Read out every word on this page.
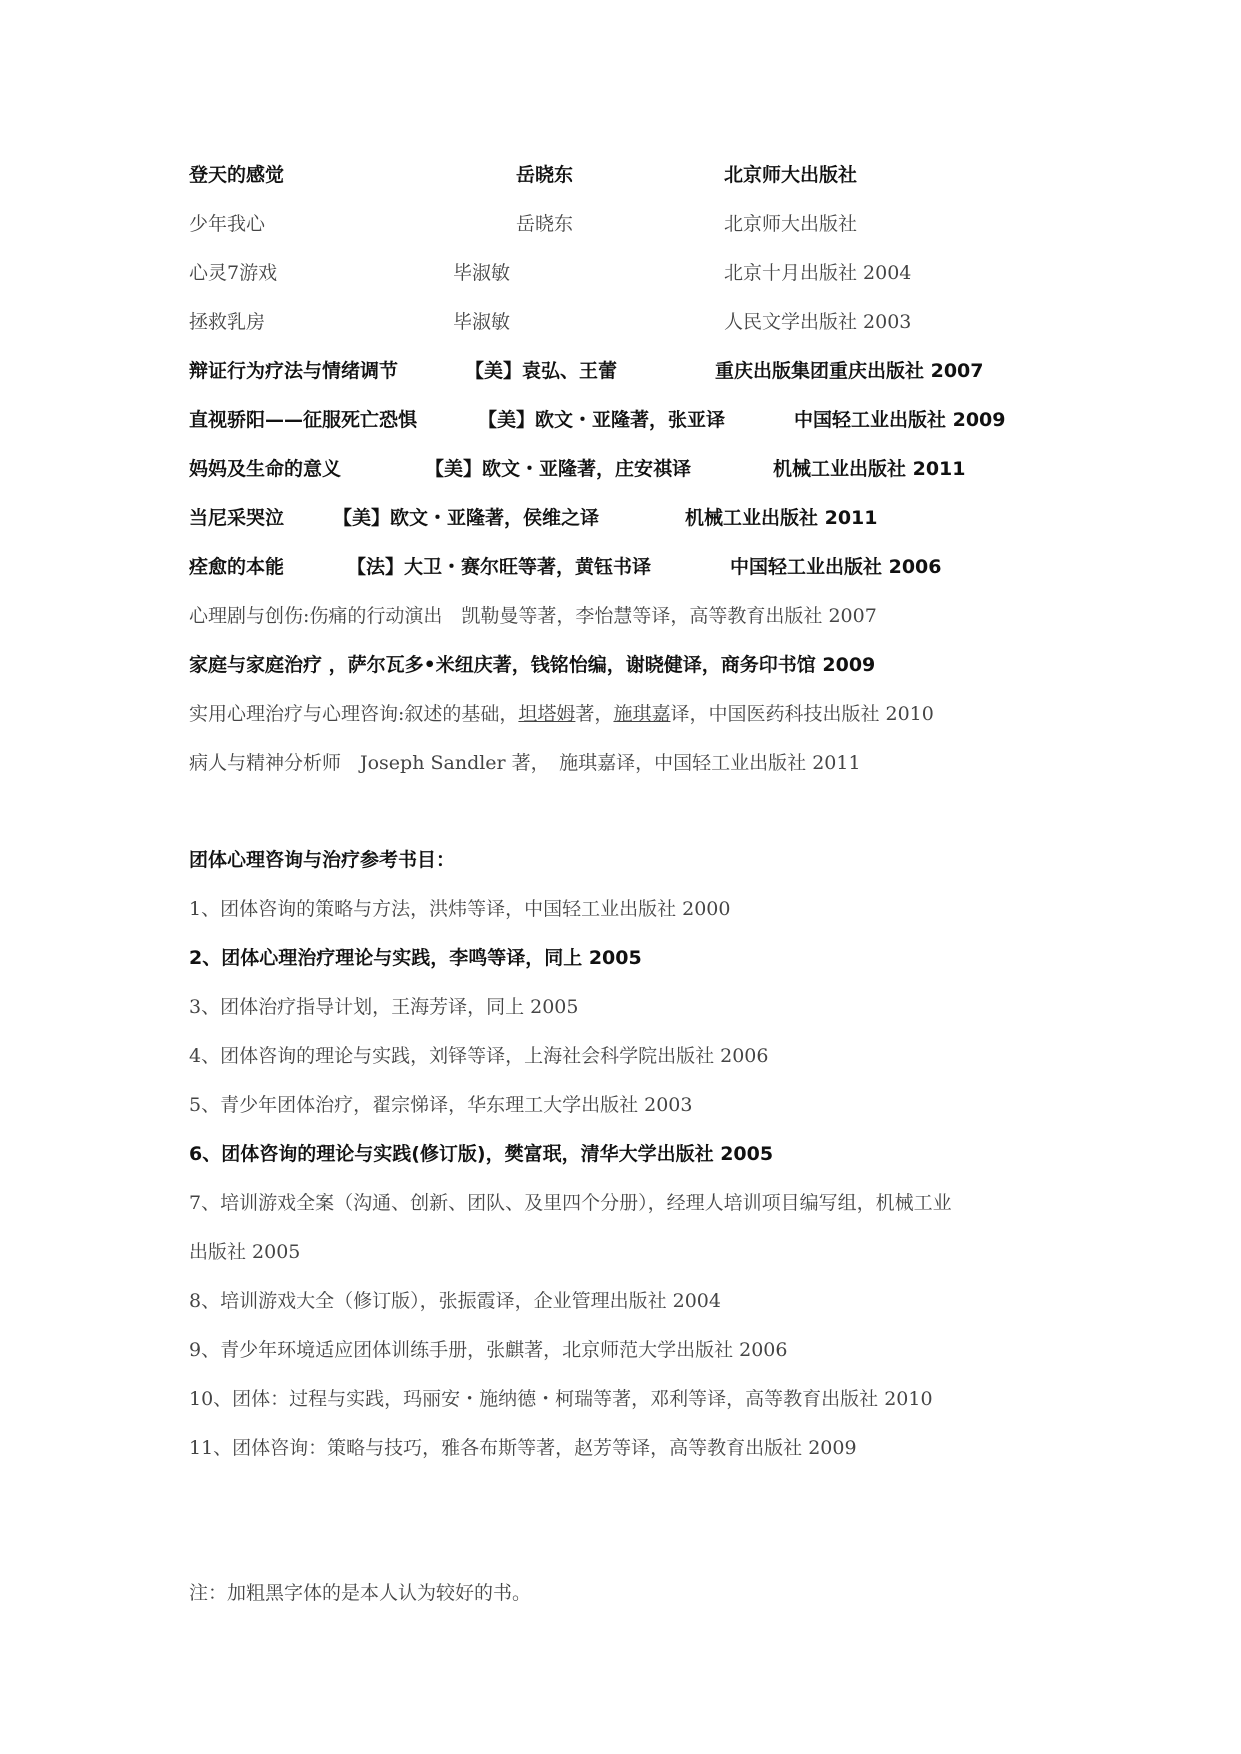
登天的感觉	岳晓东	北京师大出版社
少年我心	岳晓东	北京师大出版社
心灵7游戏	毕淑敏	北京十月出版社 2004
拯救乳房	毕淑敏	人民文学出版社 2003
辩证行为疗法与情绪调节	【美】袁弘、王蕾	重庆出版集团重庆出版社 2007
直视骄阳——征服死亡恐惧	【美】欧文・亚隆著，张亚译	中国轻工业出版社 2009
妈妈及生命的意义	【美】欧文・亚隆著，庄安祺译	机械工业出版社 2011
当尼采哭泣	【美】欧文・亚隆著，侯维之译	机械工业出版社 2011
痊愈的本能	【法】大卫・赛尔旺等著，黄钰书译	中国轻工业出版社 2006
心理剧与创伤:伤痛的行动演出　凯勒曼等著，李怡慧等译，高等教育出版社 2007
家庭与家庭治疗 ，萨尔瓦多•米纽庆著，钱铭怡编，谢晓健译，商务印书馆 2009
实用心理治疗与心理咨询:叙述的基础，坦塔姆著，施琪嘉译，中国医药科技出版社 2010
病人与精神分析师　Joseph Sandler 著，　施琪嘉译，中国轻工业出版社 2011
团体心理咨询与治疗参考书目：
1、团体咨询的策略与方法，洪炜等译，中国轻工业出版社 2000
2、团体心理治疗理论与实践，李鸣等译，同上 2005
3、团体治疗指导计划，王海芳译，同上 2005
4、团体咨询的理论与实践，刘铎等译，上海社会科学院出版社 2006
5、青少年团体治疗，翟宗悌译，华东理工大学出版社 2003
6、团体咨询的理论与实践(修订版)，樊富珉，清华大学出版社 2005
7、培训游戏全案（沟通、创新、团队、及里四个分册），经理人培训项目编写组，机械工业
出版社 2005
8、培训游戏大全（修订版），张振霞译，企业管理出版社 2004
9、青少年环境适应团体训练手册，张麒著，北京师范大学出版社 2006
10、团体：过程与实践，玛丽安・施纳德・柯瑞等著，邓利等译，高等教育出版社 2010
11、团体咨询：策略与技巧，雅各布斯等著，赵芳等译，高等教育出版社 2009
注：加粗黑字体的是本人认为较好的书。
